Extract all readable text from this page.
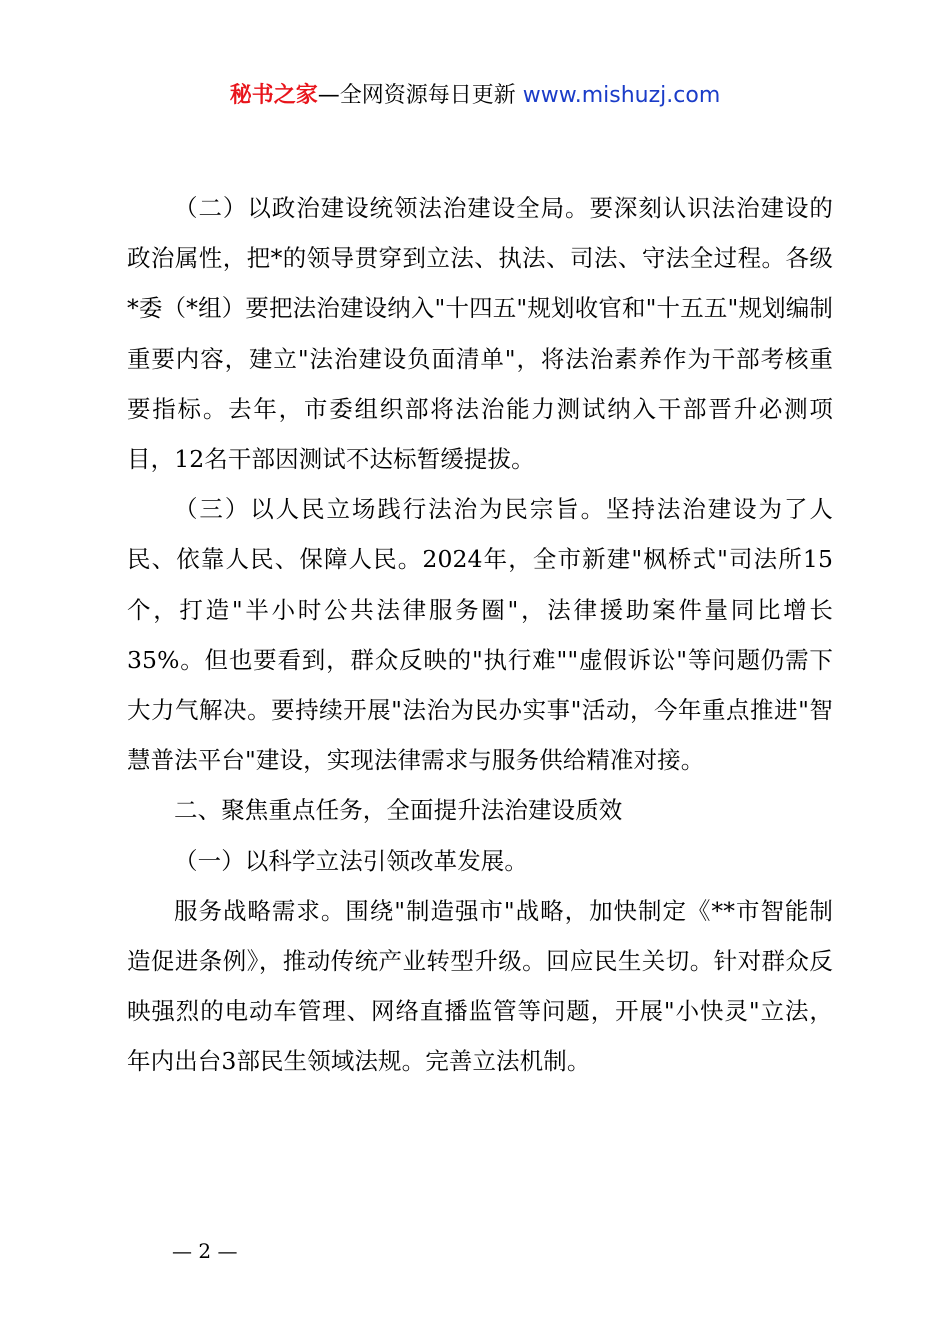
秘书之家—全网资源每日更新 www.mishuzj.com

（二）以政治建设统领法治建设全局。要深刻认识法治建设的政治属性，把*的领导贯穿到立法、执法、司法、守法全过程。各级*委（*组）要把法治建设纳入"十四五"规划收官和"十五五"规划编制重要内容，建立"法治建设负面清单"，将法治素养作为干部考核重要指标。去年，市委组织部将法治能力测试纳入干部晋升必测项目，12名干部因测试不达标暂缓提拔。

（三）以人民立场践行法治为民宗旨。坚持法治建设为了人民、依靠人民、保障人民。2024年，全市新建"枫桥式"司法所15个，打造"半小时公共法律服务圈"，法律援助案件量同比增长35%。但也要看到，群众反映的"执行难""虚假诉讼"等问题仍需下大力气解决。要持续开展"法治为民办实事"活动，今年重点推进"智慧普法平台"建设，实现法律需求与服务供给精准对接。

二、聚焦重点任务，全面提升法治建设质效

（一）以科学立法引领改革发展。

服务战略需求。围绕"制造强市"战略，加快制定《**市智能制造促进条例》，推动传统产业转型升级。回应民生关切。针对群众反映强烈的电动车管理、网络直播监管等问题，开展"小快灵"立法，年内出台3部民生领域法规。完善立法机制。

— 2 —
